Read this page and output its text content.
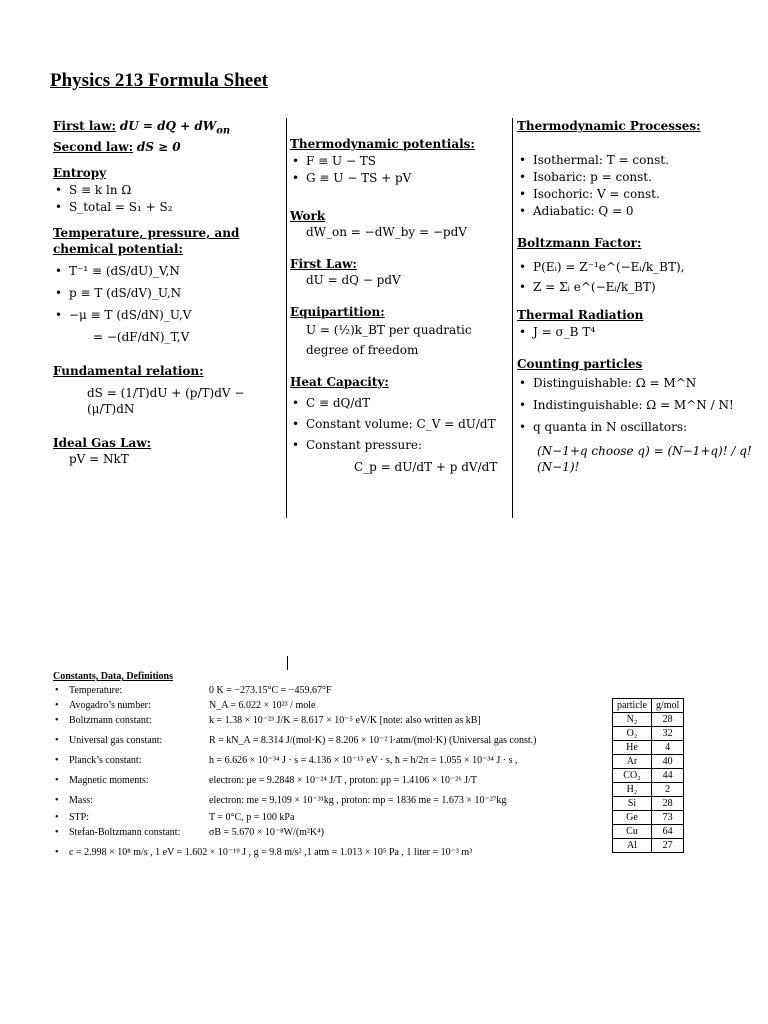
Physics 213 Formula Sheet
First law: dU = dQ + $dW_{on}$
Second law: dS ≥ 0
Entropy
• S ≡ k ln Ω
• S_total = S₁ + S₂
Temperature, pressure, and chemical potential:
• T⁻¹ ≡ (dS/dU)_V,N
• p ≡ T (dS/dV)_U,N
• −μ ≡ T (dS/dN)_U,V
= −(dF/dN)_T,V
Fundamental relation:
dS = (1/T)dU + (p/T)dV − (μ/T)dN
Ideal Gas Law:
pV = NkT
Thermodynamic potentials:
• F ≡ U − TS
• G ≡ U − TS + pV
Work
dW_on = −dW_by = −pdV
First Law:
dU = dQ − pdV
Equipartition:
U = (½)k_BT per quadratic degree of freedom
Heat Capacity:
• C ≡ dQ/dT
• Constant volume: C_V = dU/dT
• Constant pressure:
C_p = dU/dT + p dV/dT
Thermodynamic Processes:
• Isothermal: T = const.
• Isobaric: p = const.
• Isochoric: V = const.
• Adiabatic: Q = 0
Boltzmann Factor:
• P(Eᵢ) = Z⁻¹e^(−Eᵢ/k_BT),
• Z = Σᵢ e^(−Eᵢ/k_BT)
Thermal Radiation
• J = σ_B T⁴
Counting particles
• Distinguishable: Ω = M^N
• Indistinguishable: Ω = M^N / N!
• q quanta in N oscillators:
(N−1+q choose q) = (N−1+q)! / q!(N−1)!
Constants, Data, Definitions
• Temperature:	0 K = −273.15°C = −459.67°F
• Avogadro’s number:	N_A = 6.022 × 10²³ / mole
• Boltzmann constant:	k = 1.38 × 10⁻²³ J/K = 8.617 × 10⁻⁵ eV/K [note: also written as kB]
• Universal gas constant:	R = kN_A = 8.314 J/(mol·K) = 8.206 × 10⁻² l·atm/(mol·K) (Universal gas const.)
• Planck’s constant:	h = 6.626 × 10⁻³⁴ J · s = 4.136 × 10⁻¹⁵ eV · s, ħ = h/2π = 1.055 × 10⁻³⁴ J · s ,
• Magnetic moments:	electron: μe = 9.2848 × 10⁻²⁴ J/T , proton: μp = 1.4106 × 10⁻²⁶ J/T
• Mass:	electron: me = 9.109 × 10⁻³¹kg , proton: mp = 1836 me = 1.673 × 10⁻²⁷kg
• STP:	T = 0°C, p = 100 kPa
• Stefan-Boltzmann constant:	σB = 5.670 × 10⁻⁸W/(m²K⁴)
• c = 2.998 × 10⁸ m/s , 1 eV = 1.602 × 10⁻¹⁹ J , g = 9.8 m/s² ,1 atm = 1.013 × 10⁵ Pa , 1 liter = 10⁻³ m³
particle	g/mol
N₂	28
O₂	32
He	4
Ar	40
CO₂	44
H₂	2
Si	28
Ge	73
Cu	64
Al	27
